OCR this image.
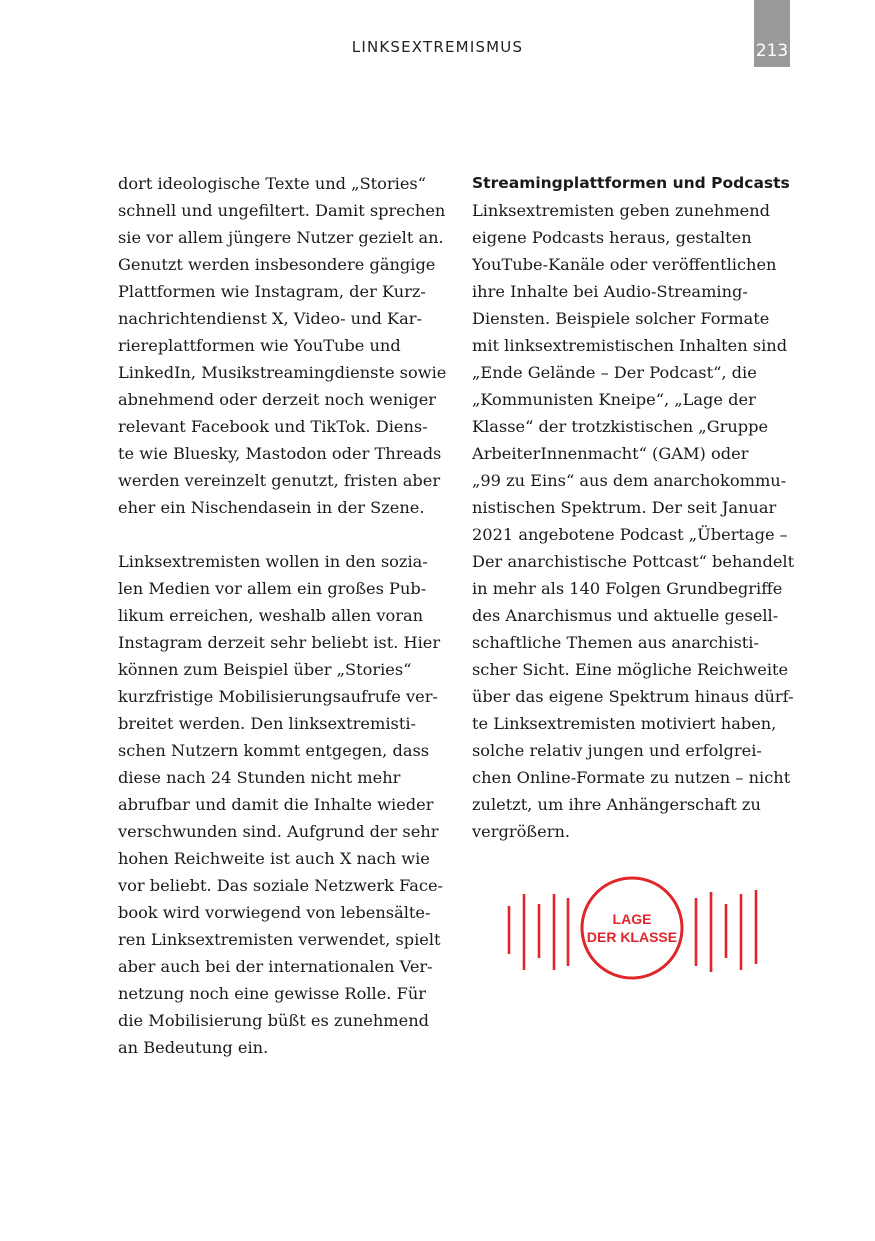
LINKSEXTREMISMUS	213
dort ideologische Texte und „Stories“
schnell und ungefiltert. Damit sprechen
sie vor allem jüngere Nutzer gezielt an.
Genutzt werden insbesondere gängige
Plattformen wie Instagram, der Kurz-
nachrichtendienst X, Video- und Kar-
riereplattformen wie YouTube und
LinkedIn, Musikstreamingdienste sowie
abnehmend oder derzeit noch weniger
relevant Facebook und TikTok. Diens-
te wie Bluesky, Mastodon oder Threads
werden vereinzelt genutzt, fristen aber
eher ein Nischendasein in der Szene.
Linksextremisten wollen in den sozia-
len Medien vor allem ein großes Pub-
likum erreichen, weshalb allen voran
Instagram derzeit sehr beliebt ist. Hier
können zum Beispiel über „Stories“
kurzfristige Mobilisierungsaufrufe ver-
breitet werden. Den linksextremisti-
schen Nutzern kommt entgegen, dass
diese nach 24 Stunden nicht mehr
abrufbar und damit die Inhalte wieder
verschwunden sind. Aufgrund der sehr
hohen Reichweite ist auch X nach wie
vor beliebt. Das soziale Netzwerk Face-
book wird vorwiegend von lebensälte-
ren Linksextremisten verwendet, spielt
aber auch bei der internationalen Ver-
netzung noch eine gewisse Rolle. Für
die Mobilisierung büßt es zunehmend
an Bedeutung ein.
Streamingplattformen und Podcasts
Linksextremisten geben zunehmend
eigene Podcasts heraus, gestalten
YouTube-Kanäle oder veröffentlichen
ihre Inhalte bei Audio-Streaming-
Diensten. Beispiele solcher Formate
mit linksextremistischen Inhalten sind
„Ende Gelände – Der Podcast“, die
„Kommunisten Kneipe“, „Lage der
Klasse“ der trotzkistischen „Gruppe
ArbeiterInnenmacht“ (GAM) oder
„99 zu Eins“ aus dem anarchokommu-
nistischen Spektrum. Der seit Januar
2021 angebotene Podcast „Übertage –
Der anarchistische Pottcast“ behandelt
in mehr als 140 Folgen Grundbegriffe
des Anarchismus und aktuelle gesell-
schaftliche Themen aus anarchisti-
scher Sicht. Eine mögliche Reichweite
über das eigene Spektrum hinaus dürf-
te Linksextremisten motiviert haben,
solche relativ jungen und erfolgrei-
chen Online-Formate zu nutzen – nicht
zuletzt, um ihre Anhängerschaft zu
vergrößern.
LAGE
DER KLASSE
